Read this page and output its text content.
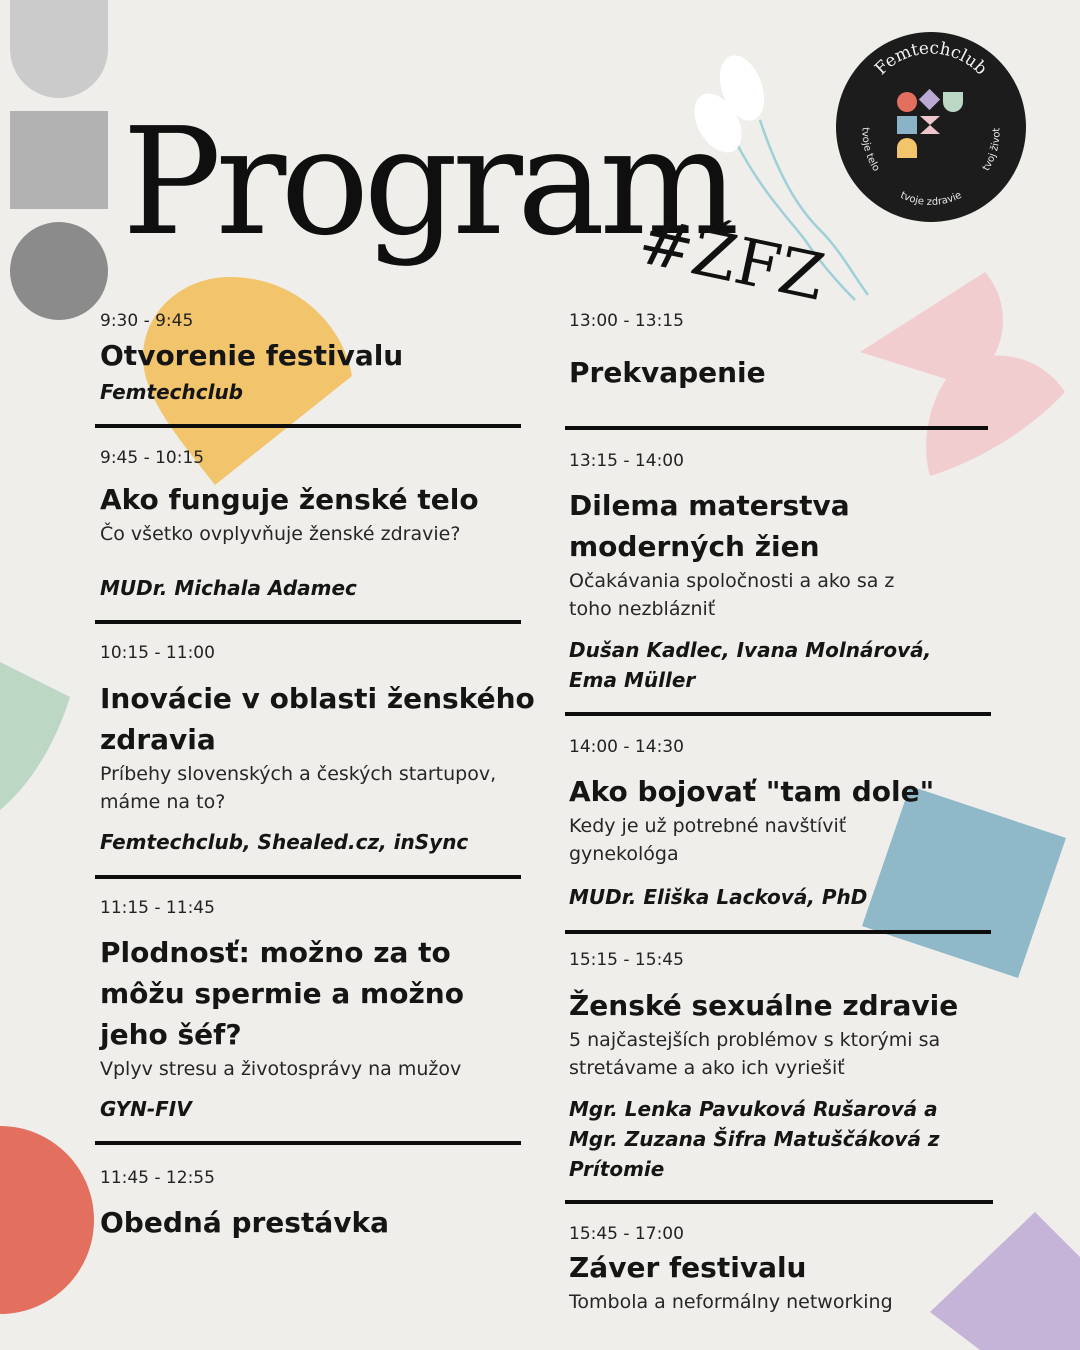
Program
#ŽFZ
Femtechclub
tvoje zdravie
tvoje telo	tvoj život
9:30 - 9:45
Otvorenie festivalu
Femtechclub
9:45 - 10:15
Ako funguje ženské telo
Čo všetko ovplyvňuje ženské zdravie?
MUDr. Michala Adamec
10:15 - 11:00
Inovácie v oblasti ženského zdravia
Príbehy slovenských a českých startupov, máme na to?
Femtechclub, Shealed.cz, inSync
11:15 - 11:45
Plodnosť: možno za to môžu spermie a možno jeho šéf?
Vplyv stresu a životosprávy na mužov
GYN-FIV
11:45 - 12:55
Obedná prestávka
13:00 - 13:15
Prekvapenie
13:15 - 14:00
Dilema materstva moderných žien
Očakávania spoločnosti a ako sa z toho nezblázniť
Dušan Kadlec, Ivana Molnárová, Ema Müller
14:00 - 14:30
Ako bojovať "tam dole"
Kedy je už potrebné navštíviť gynekológa
MUDr. Eliška Lacková, PhD
15:15 - 15:45
Ženské sexuálne zdravie
5 najčastejších problémov s ktorými sa stretávame a ako ich vyriešiť
Mgr. Lenka Pavuková Rušarová a Mgr. Zuzana Šifra Matuščáková z Prítomie
15:45 - 17:00
Záver festivalu
Tombola a neformálny networking
